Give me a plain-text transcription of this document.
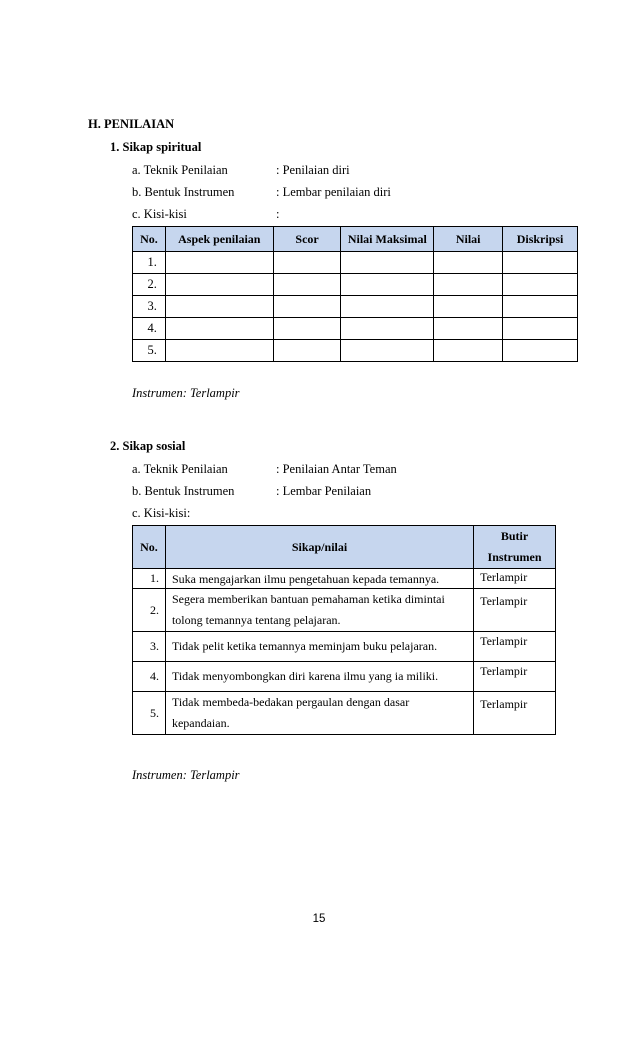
H. PENILAIAN
1. Sikap spiritual
a. Teknik Penilaian	: Penilaian diri
b. Bentuk Instrumen	: Lembar penilaian diri
c. Kisi-kisi	:
No.	Aspek penilaian	Scor	Nilai Maksimal	Nilai	Diskripsi
1.					
2.					
3.					
4.					
5.					
Instrumen: Terlampir
2. Sikap sosial
a. Teknik Penilaian	: Penilaian Antar Teman
b. Bentuk Instrumen	: Lembar Penilaian
c. Kisi-kisi:
No.	Sikap/nilai	Butir
Instrumen

1.	Suka mengajarkan ilmu pengetahuan kepada temannya.	Terlampir
2.	Segera memberikan bantuan pemahaman ketika dimintai
tolong temannya tentang pelajaran.	Terlampir
3.	Tidak pelit ketika temannya meminjam buku pelajaran.	Terlampir
4.	Tidak menyombongkan diri karena ilmu yang ia miliki.	Terlampir
5.	Tidak membeda-bedakan pergaulan dengan dasar
kepandaian.	Terlampir
Instrumen: Terlampir
15
